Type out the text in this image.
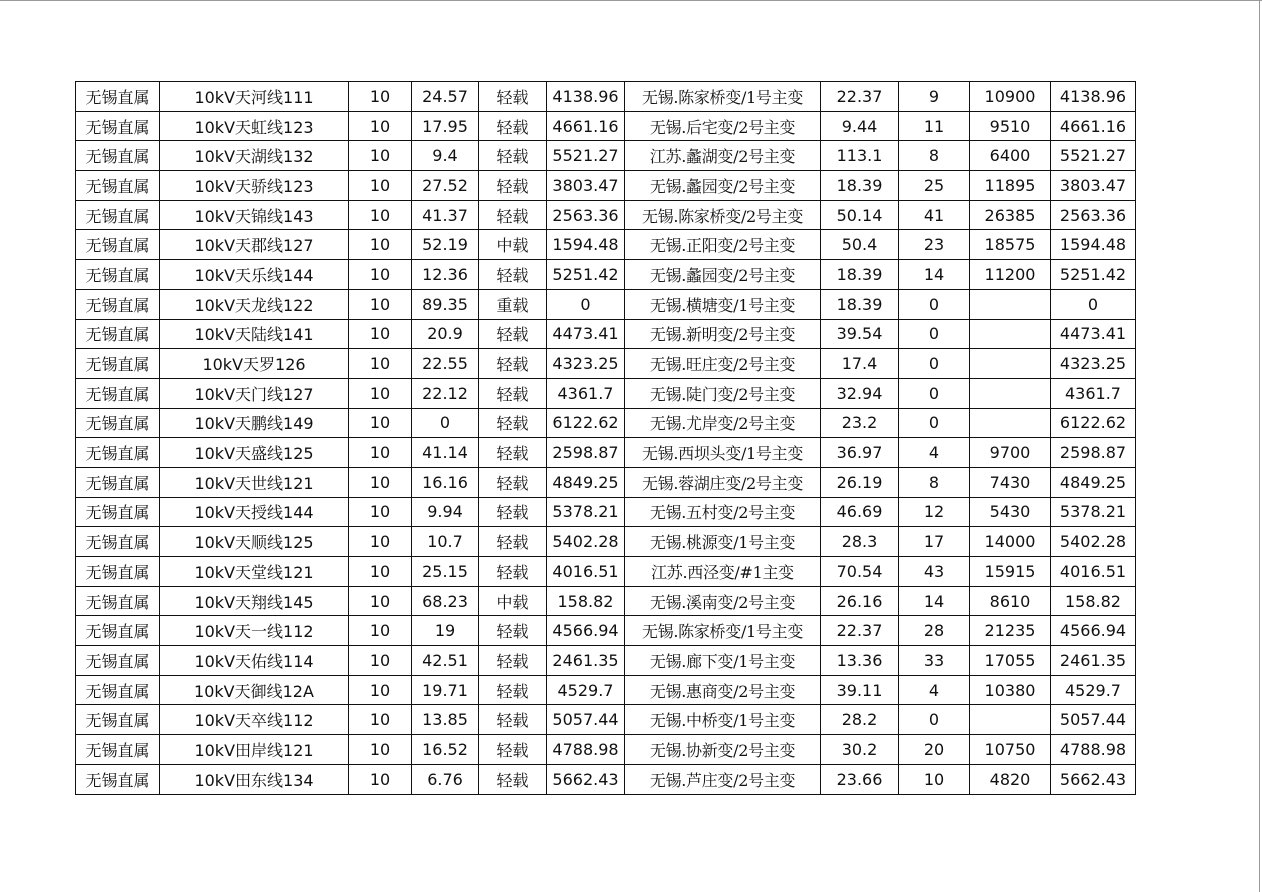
无锡直属	10kV天河线111	10	24.57	轻载	4138.96	无锡.陈家桥变/1号主变	22.37	9	10900	4138.96
无锡直属	10kV天虹线123	10	17.95	轻载	4661.16	无锡.后宅变/2号主变	9.44	11	9510	4661.16
无锡直属	10kV天湖线132	10	9.4	轻载	5521.27	江苏.蠡湖变/2号主变	113.1	8	6400	5521.27
无锡直属	10kV天骄线123	10	27.52	轻载	3803.47	无锡.蠡园变/2号主变	18.39	25	11895	3803.47
无锡直属	10kV天锦线143	10	41.37	轻载	2563.36	无锡.陈家桥变/2号主变	50.14	41	26385	2563.36
无锡直属	10kV天郡线127	10	52.19	中载	1594.48	无锡.正阳变/2号主变	50.4	23	18575	1594.48
无锡直属	10kV天乐线144	10	12.36	轻载	5251.42	无锡.蠡园变/2号主变	18.39	14	11200	5251.42
无锡直属	10kV天龙线122	10	89.35	重载	0	无锡.横塘变/1号主变	18.39	0		0
无锡直属	10kV天陆线141	10	20.9	轻载	4473.41	无锡.新明变/2号主变	39.54	0		4473.41
无锡直属	10kV天罗126	10	22.55	轻载	4323.25	无锡.旺庄变/2号主变	17.4	0		4323.25
无锡直属	10kV天门线127	10	22.12	轻载	4361.7	无锡.陡门变/2号主变	32.94	0		4361.7
无锡直属	10kV天鹏线149	10	0	轻载	6122.62	无锡.尤岸变/2号主变	23.2	0		6122.62
无锡直属	10kV天盛线125	10	41.14	轻载	2598.87	无锡.西坝头变/1号主变	36.97	4	9700	2598.87
无锡直属	10kV天世线121	10	16.16	轻载	4849.25	无锡.蓉湖庄变/2号主变	26.19	8	7430	4849.25
无锡直属	10kV天授线144	10	9.94	轻载	5378.21	无锡.五村变/2号主变	46.69	12	5430	5378.21
无锡直属	10kV天顺线125	10	10.7	轻载	5402.28	无锡.桃源变/1号主变	28.3	17	14000	5402.28
无锡直属	10kV天堂线121	10	25.15	轻载	4016.51	江苏.西泾变/#1主变	70.54	43	15915	4016.51
无锡直属	10kV天翔线145	10	68.23	中载	158.82	无锡.溪南变/2号主变	26.16	14	8610	158.82
无锡直属	10kV天一线112	10	19	轻载	4566.94	无锡.陈家桥变/1号主变	22.37	28	21235	4566.94
无锡直属	10kV天佑线114	10	42.51	轻载	2461.35	无锡.廊下变/1号主变	13.36	33	17055	2461.35
无锡直属	10kV天御线12A	10	19.71	轻载	4529.7	无锡.惠商变/2号主变	39.11	4	10380	4529.7
无锡直属	10kV天卒线112	10	13.85	轻载	5057.44	无锡.中桥变/1号主变	28.2	0		5057.44
无锡直属	10kV田岸线121	10	16.52	轻载	4788.98	无锡.协新变/2号主变	30.2	20	10750	4788.98
无锡直属	10kV田东线134	10	6.76	轻载	5662.43	无锡.芦庄变/2号主变	23.66	10	4820	5662.43
